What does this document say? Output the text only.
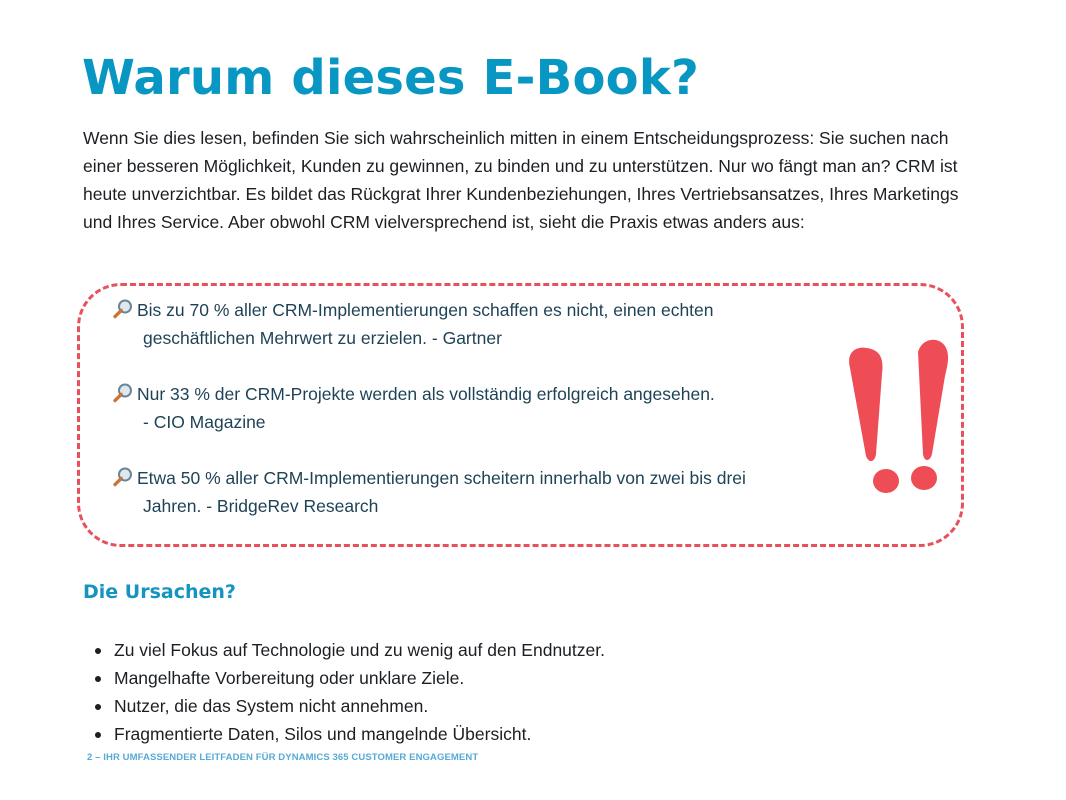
Warum dieses E-Book?

Wenn Sie dies lesen, befinden Sie sich wahrscheinlich mitten in einem Entscheidungsprozess: Sie suchen nach einer besseren Möglichkeit, Kunden zu gewinnen, zu binden und zu unterstützen. Nur wo fängt man an? CRM ist heute unverzichtbar. Es bildet das Rückgrat Ihrer Kundenbeziehungen, Ihres Vertriebsansatzes, Ihres Marketings und Ihres Service. Aber obwohl CRM vielversprechend ist, sieht die Praxis etwas anders aus:

Bis zu 70 % aller CRM-Implementierungen schaffen es nicht, einen echten
geschäftlichen Mehrwert zu erzielen. - Gartner
Nur 33 % der CRM-Projekte werden als vollständig erfolgreich angesehen.
- CIO Magazine
Etwa 50 % aller CRM-Implementierungen scheitern innerhalb von zwei bis drei
Jahren. - BridgeRev Research
Die Ursachen?
Zu viel Fokus auf Technologie und zu wenig auf den Endnutzer.
Mangelhafte Vorbereitung oder unklare Ziele.
Nutzer, die das System nicht annehmen.
Fragmentierte Daten, Silos und mangelnde Übersicht.
2 – IHR UMFASSENDER LEITFADEN FÜR DYNAMICS 365 CUSTOMER ENGAGEMENT
